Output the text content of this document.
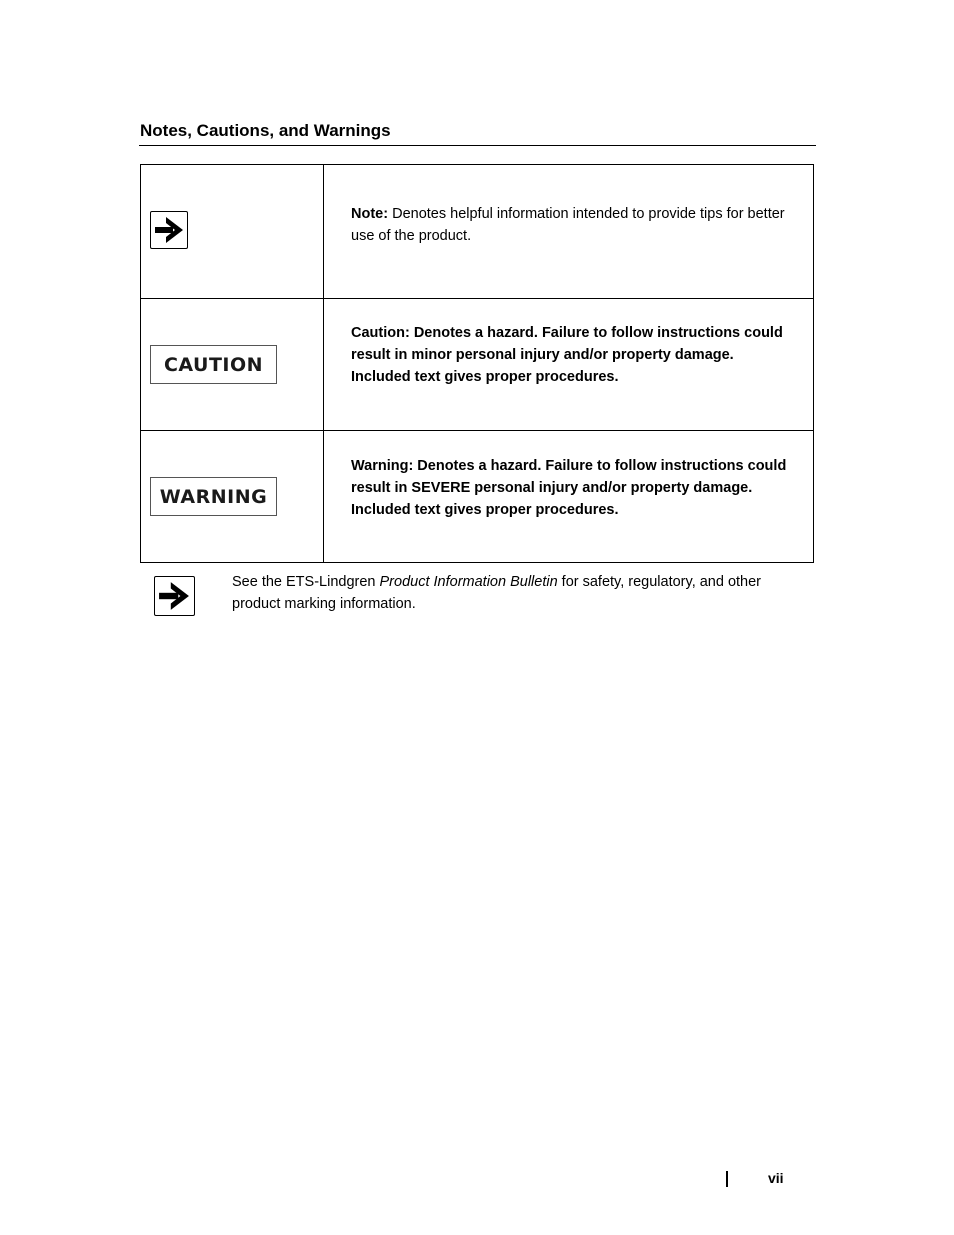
Notes, Cautions, and Warnings
Note: Denotes helpful information intended to provide tips for better use of the product.
CAUTION
Caution: Denotes a hazard. Failure to follow instructions could result in minor personal injury and/or property damage. Included text gives proper procedures.
WARNING
Warning: Denotes a hazard. Failure to follow instructions could result in SEVERE personal injury and/or property damage. Included text gives proper procedures.
See the ETS-Lindgren Product Information Bulletin for safety, regulatory, and other product marking information.
vii
